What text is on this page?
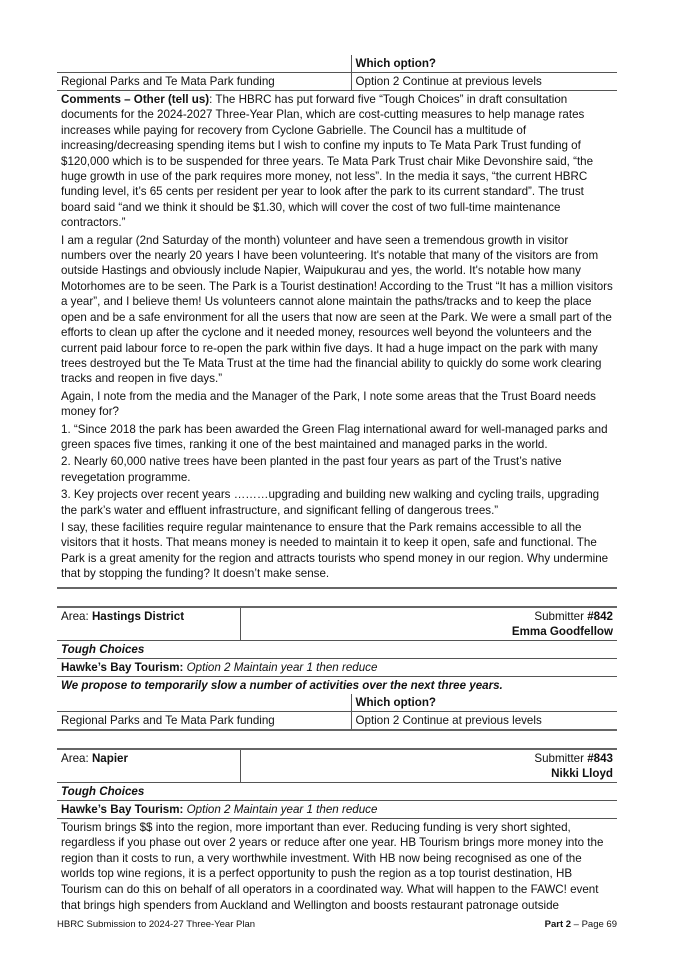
	Which option?
Regional Parks and Te Mata Park funding	Option 2 Continue at previous levels

Comments – Other (tell us): The HBRC has put forward five “Tough Choices” in draft consultation documents for the 2024-2027 Three-Year Plan, which are cost-cutting measures to help manage rates increases while paying for recovery from Cyclone Gabrielle. The Council has a multitude of increasing/decreasing spending items but I wish to confine my inputs to Te Mata Park Trust funding of $120,000 which is to be suspended for three years. Te Mata Park Trust chair Mike Devonshire said, “the huge growth in use of the park requires more money, not less”. In the media it says, “the current HBRC funding level, it’s 65 cents per resident per year to look after the park to its current standard”. The trust board said “and we think it should be $1.30, which will cover the cost of two full-time maintenance contractors.”

I am a regular (2nd Saturday of the month) volunteer and have seen a tremendous growth in visitor numbers over the nearly 20 years I have been volunteering. It's notable that many of the visitors are from outside Hastings and obviously include Napier, Waipukurau and yes, the world. It's notable how many Motorhomes are to be seen. The Park is a Tourist destination! According to the Trust “It has a million visitors a year”, and I believe them! Us volunteers cannot alone maintain the paths/tracks and to keep the place open and be a safe environment for all the users that now are seen at the Park. We were a small part of the efforts to clean up after the cyclone and it needed money, resources well beyond the volunteers and the current paid labour force to re-open the park within five days. It had a huge impact on the park with many trees destroyed but the Te Mata Trust at the time had the financial ability to quickly do some work clearing tracks and reopen in five days.”

Again, I note from the media and the Manager of the Park, I note some areas that the Trust Board needs money for?

1. “Since 2018 the park has been awarded the Green Flag international award for well-managed parks and green spaces five times, ranking it one of the best maintained and managed parks in the world.

2. Nearly 60,000 native trees have been planted in the past four years as part of the Trust’s native revegetation programme.

3. Key projects over recent years ………upgrading and building new walking and cycling trails, upgrading the park’s water and effluent infrastructure, and significant felling of dangerous trees.”

I say, these facilities require regular maintenance to ensure that the Park remains accessible to all the visitors that it hosts. That means money is needed to maintain it to keep it open, safe and functional. The Park is a great amenity for the region and attracts tourists who spend money in our region. Why undermine that by stopping the funding? It doesn’t make sense.

Area: Hastings District	Submitter #842
Emma Goodfellow	
Tough Choices		
Hawke’s Bay Tourism: Option 2 Maintain year 1 then reduce		
We propose to temporarily slow a number of activities over the next three years.		
		Which option?
Regional Parks and Te Mata Park funding		Option 2 Continue at previous levels
Area: Napier	Submitter #843
Nikki Lloyd
Tough Choices
Hawke’s Bay Tourism: Option 2 Maintain year 1 then reduce
Tourism brings $$ into the region, more important than ever. Reducing funding is very short sighted, regardless if you phase out over 2 years or reduce after one year. HB Tourism brings more money into the region than it costs to run, a very worthwhile investment. With HB now being recognised as one of the worlds top wine regions, it is a perfect opportunity to push the region as a top tourist destination, HB Tourism can do this on behalf of all operators in a coordinated way. What will happen to the FAWC! event that brings high spenders from Auckland and Wellington and boosts restaurant patronage outside
HBRC Submission to 2024-27 Three-Year Plan	Part 2 – Page 69
